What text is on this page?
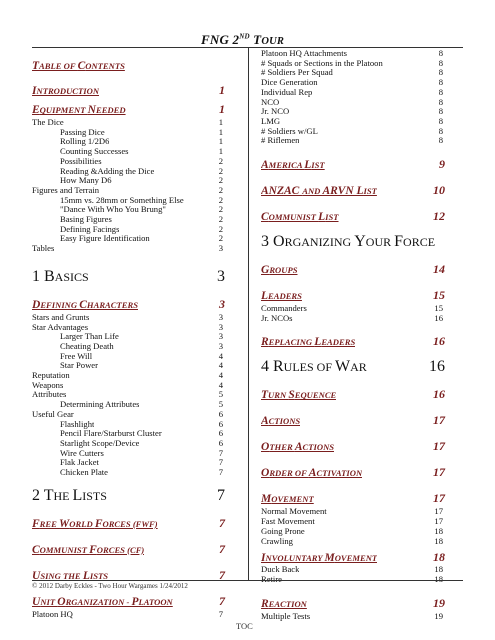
FNG 2ND TOUR
TABLE OF CONTENTS
INTRODUCTION	1
EQUIPMENT NEEDED	1
The Dice	1
Passing Dice	1
Rolling 1/2D6	1
Counting Successes	1
Possibilities	2
Reading &Adding the Dice	2
How Many D6	2
Figures and Terrain	2
15mm vs. 28mm or Something Else	2
"Dance With Who You Brung"	2
Basing Figures	2
Defining Facings	2
Easy Figure Identification	2
Tables	3
1 BASICS	3
DEFINING CHARACTERS	3
Stars and Grunts	3
Star Advantages	3
Larger Than Life	3
Cheating Death	3
Free Will	4
Star Power	4
Reputation	4
Weapons	4
Attributes	5
Determining Attributes	5
Useful Gear	6
Flashlight	6
Pencil Flare/Starburst Cluster	6
Starlight Scope/Device	6
Wire Cutters	7
Flak Jacket	7
Chicken Plate	7
2 THE LISTS	7
FREE WORLD FORCES (FWF)	7
COMMUNIST FORCES (CF)	7
USING THE LISTS	7
UNIT ORGANIZATION - PLATOON	7
Platoon HQ	7
Platoon HQ Attachments	8
# Squads or Sections in the Platoon	8
# Soldiers Per Squad	8
Dice Generation	8
Individual Rep	8
NCO	8
Jr. NCO	8
LMG	8
# Soldiers w/GL	8
# Riflemen	8
AMERICA LIST	9
ANZAC AND ARVN LIST	10
COMMUNIST LIST	12
3 ORGANIZING YOUR FORCE
GROUPS	14
LEADERS	15
Commanders	15
Jr. NCOs	16
REPLACING LEADERS	16
4 RULES OF WAR	16
TURN SEQUENCE	16
ACTIONS	17
OTHER ACTIONS	17
ORDER OF ACTIVATION	17
MOVEMENT	17
Normal Movement	17
Fast Movement	17
Going Prone	18
Crawling	18
INVOLUNTARY MOVEMENT	18
Duck Back	18
Retire	18
REACTION	19
Multiple Tests	19
© 2012 Darby Eckles - Two Hour Wargames 1/24/2012
TOC
